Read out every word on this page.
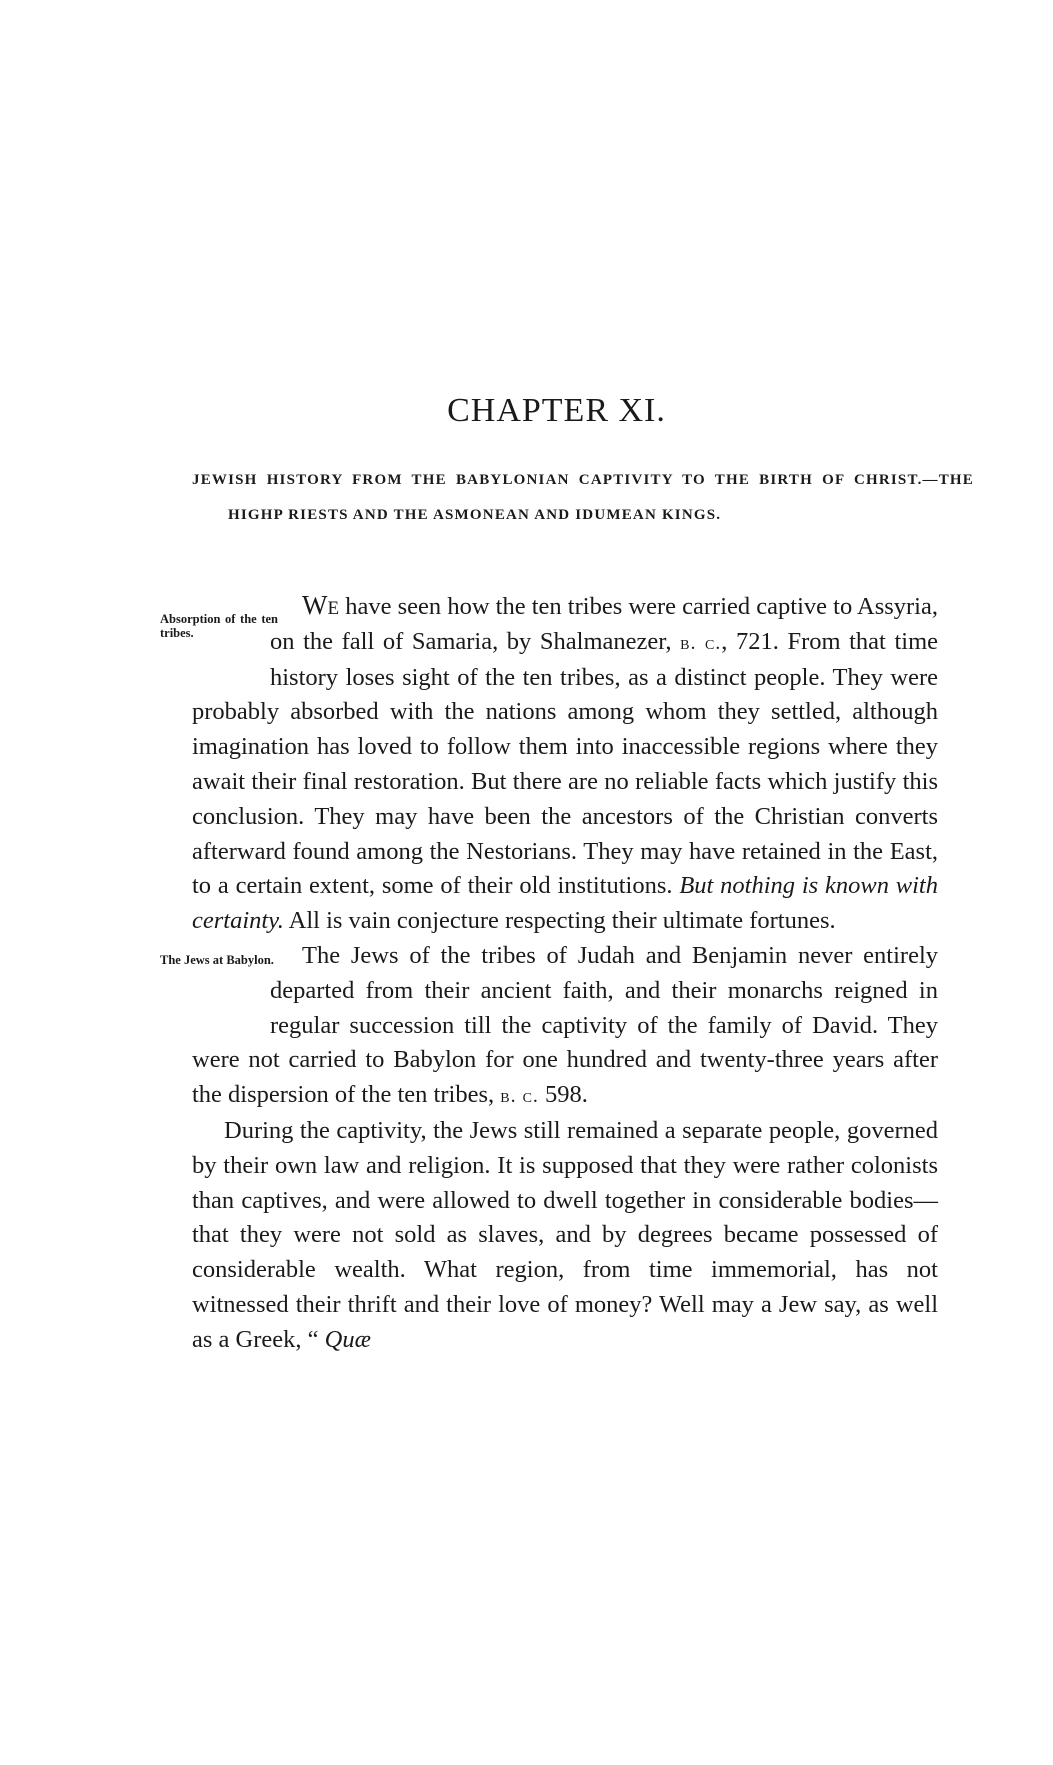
CHAPTER XI.

JEWISH HISTORY FROM THE BABYLONIAN CAPTIVITY TO THE BIRTH OF CHRIST.—THE HIGHP RIESTS AND THE ASMONEAN AND IDUMEAN KINGS.

We
Absorption of the ten tribes.
have seen how the ten tribes were carried captive to Assyria, on the fall of Samaria, by Shalmanezer, b. c., 721. From that time history loses sight of the ten tribes, as a distinct people. They were probably absorbed with the nations among whom they settled, although imagination has loved to follow them into inaccessible regions where they await their final restoration. But there are no reliable facts which justify this conclusion. They may have been the ancestors of the Christian converts afterward found among the Nestorians. They may have retained in the East, to a certain extent, some of their old institutions. But nothing is known with certainty. All is vain conjecture respecting their ultimate fortunes.

The Jews at Babylon. The Jews of the tribes of Judah and Benjamin never entirely departed from their ancient faith, and their monarchs reigned in regular succession till the captivity of the family of David. They were not carried to Babylon for one hundred and twenty-three years after the dispersion of the ten tribes, b. c. 598.

During the captivity, the Jews still remained a separate people, governed by their own law and religion. It is supposed that they were rather colonists than captives, and were allowed to dwell together in considerable bodies—that they were not sold as slaves, and by degrees became possessed of considerable wealth. What region, from time immemorial, has not witnessed their thrift and their love of money? Well may a Jew say, as well as a Greek, “ Quæ
